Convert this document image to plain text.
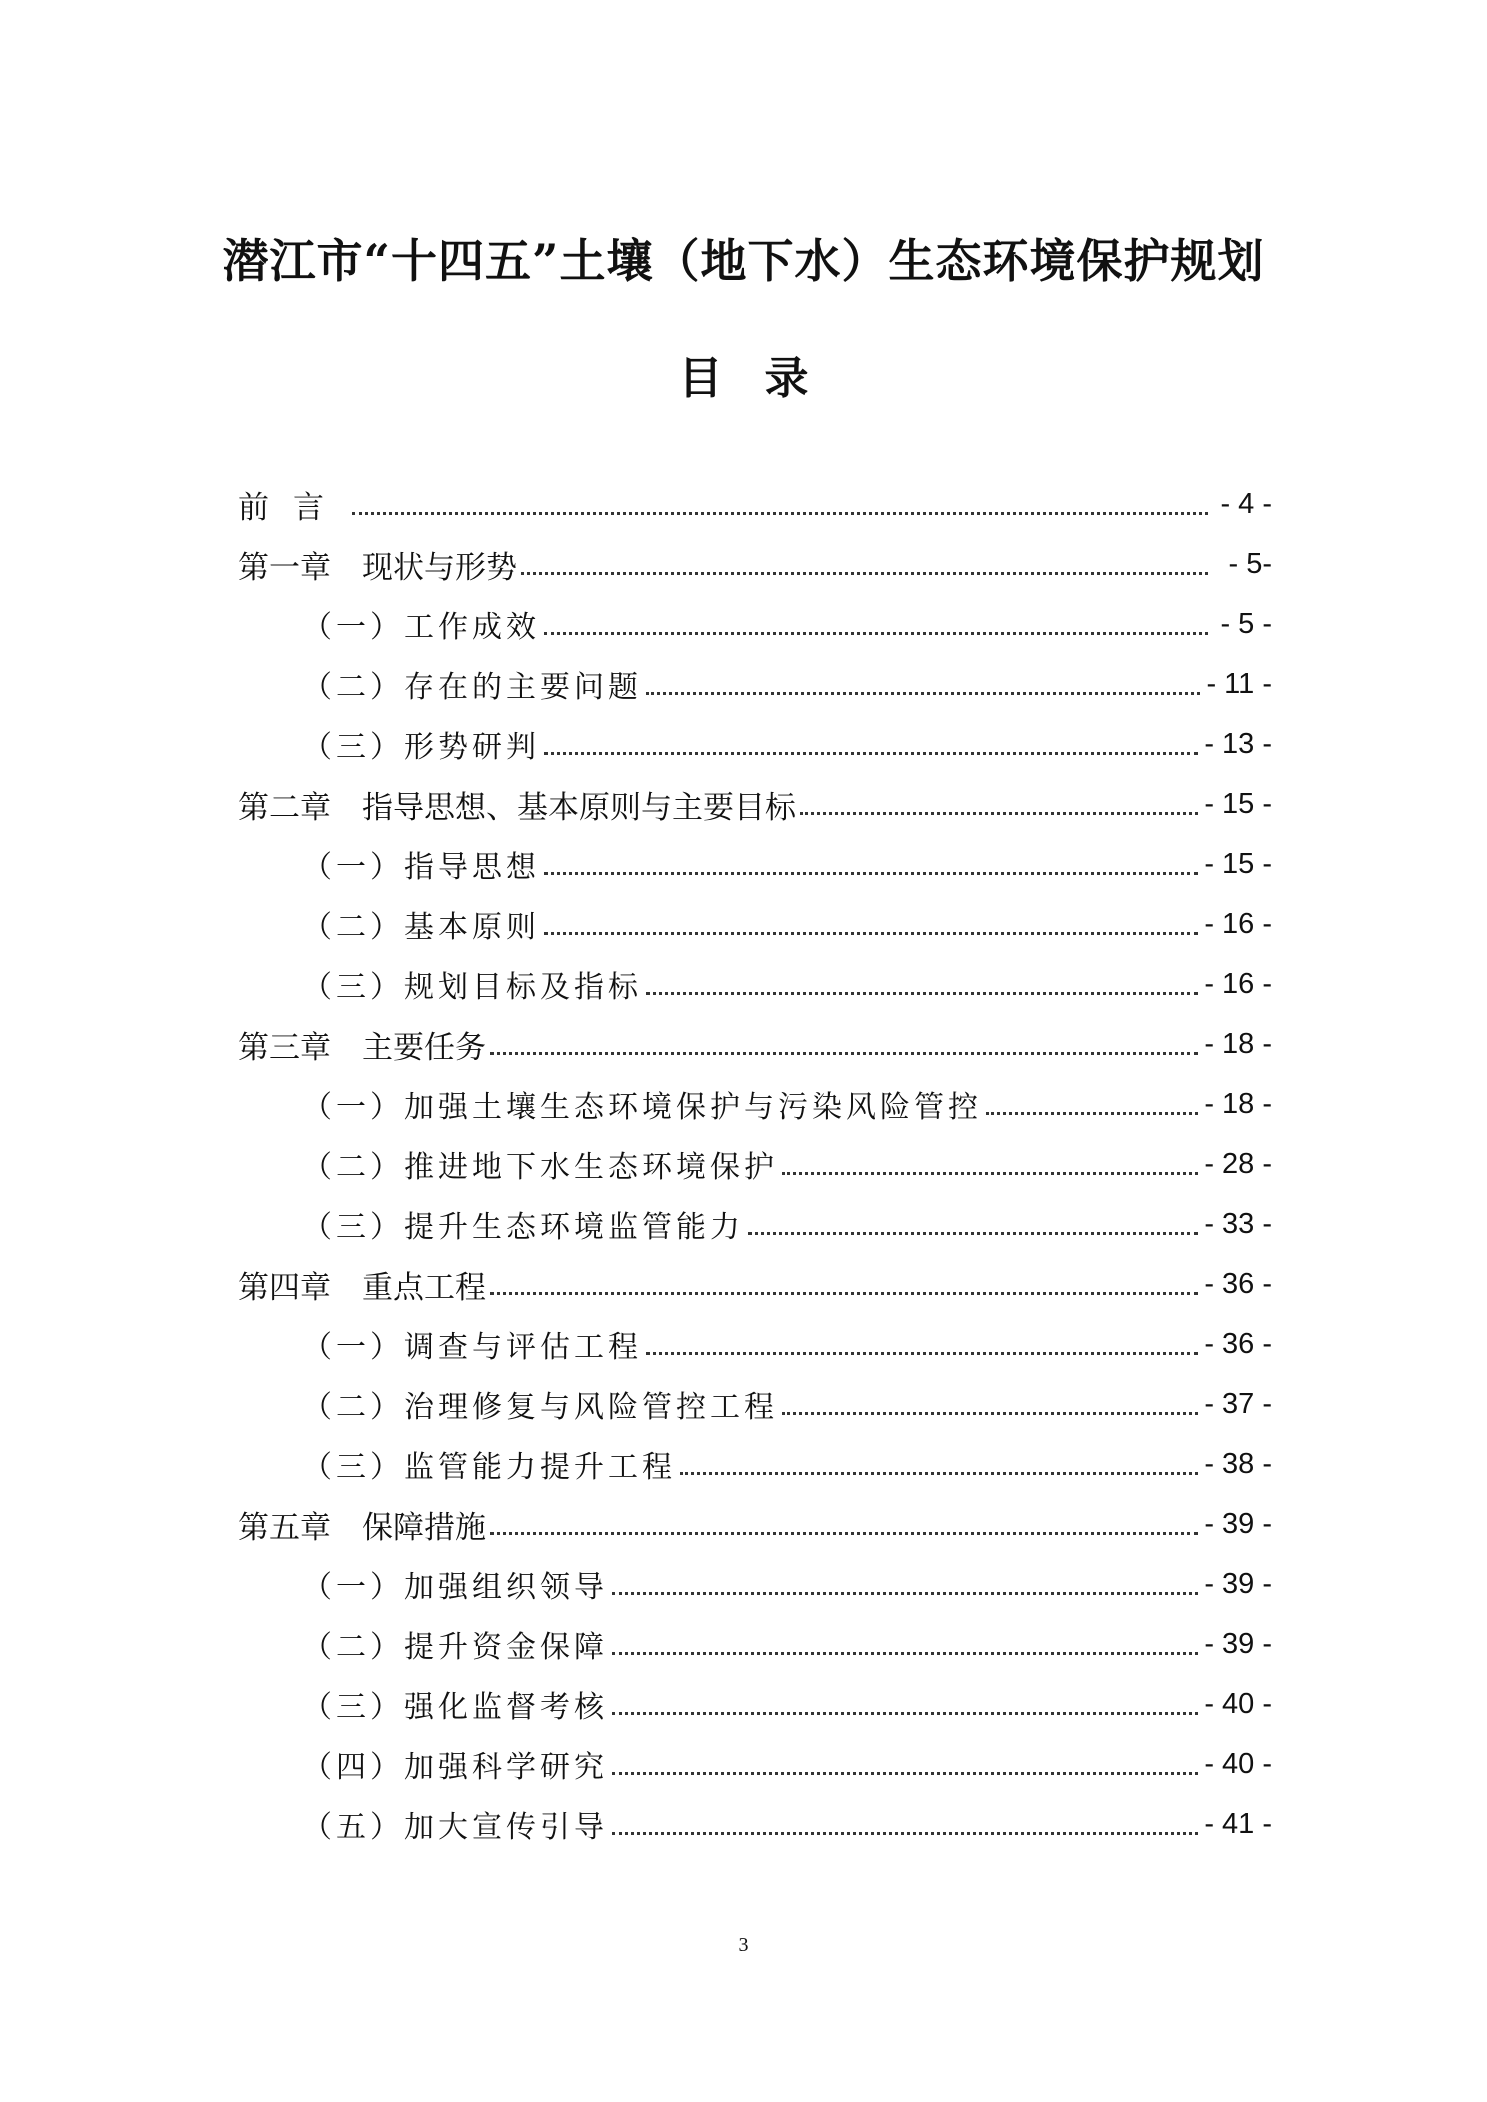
潜江市“十四五”土壤（地下水）生态环境保护规划
目录
前言	- 4 -
第一章　现状与形势	- 5-
（一）工作成效	- 5 -
（二）存在的主要问题	- 11 -
（三）形势研判	- 13 -
第二章　指导思想、基本原则与主要目标	- 15 -
（一）指导思想	- 15 -
（二）基本原则	- 16 -
（三）规划目标及指标	- 16 -
第三章　主要任务	- 18 -
（一）加强土壤生态环境保护与污染风险管控	- 18 -
（二）推进地下水生态环境保护	- 28 -
（三）提升生态环境监管能力	- 33 -
第四章　重点工程	- 36 -
（一）调查与评估工程	- 36 -
（二）治理修复与风险管控工程	- 37 -
（三）监管能力提升工程	- 38 -
第五章　保障措施	- 39 -
（一）加强组织领导	- 39 -
（二）提升资金保障	- 39 -
（三）强化监督考核	- 40 -
（四）加强科学研究	- 40 -
（五）加大宣传引导	- 41 -
3
